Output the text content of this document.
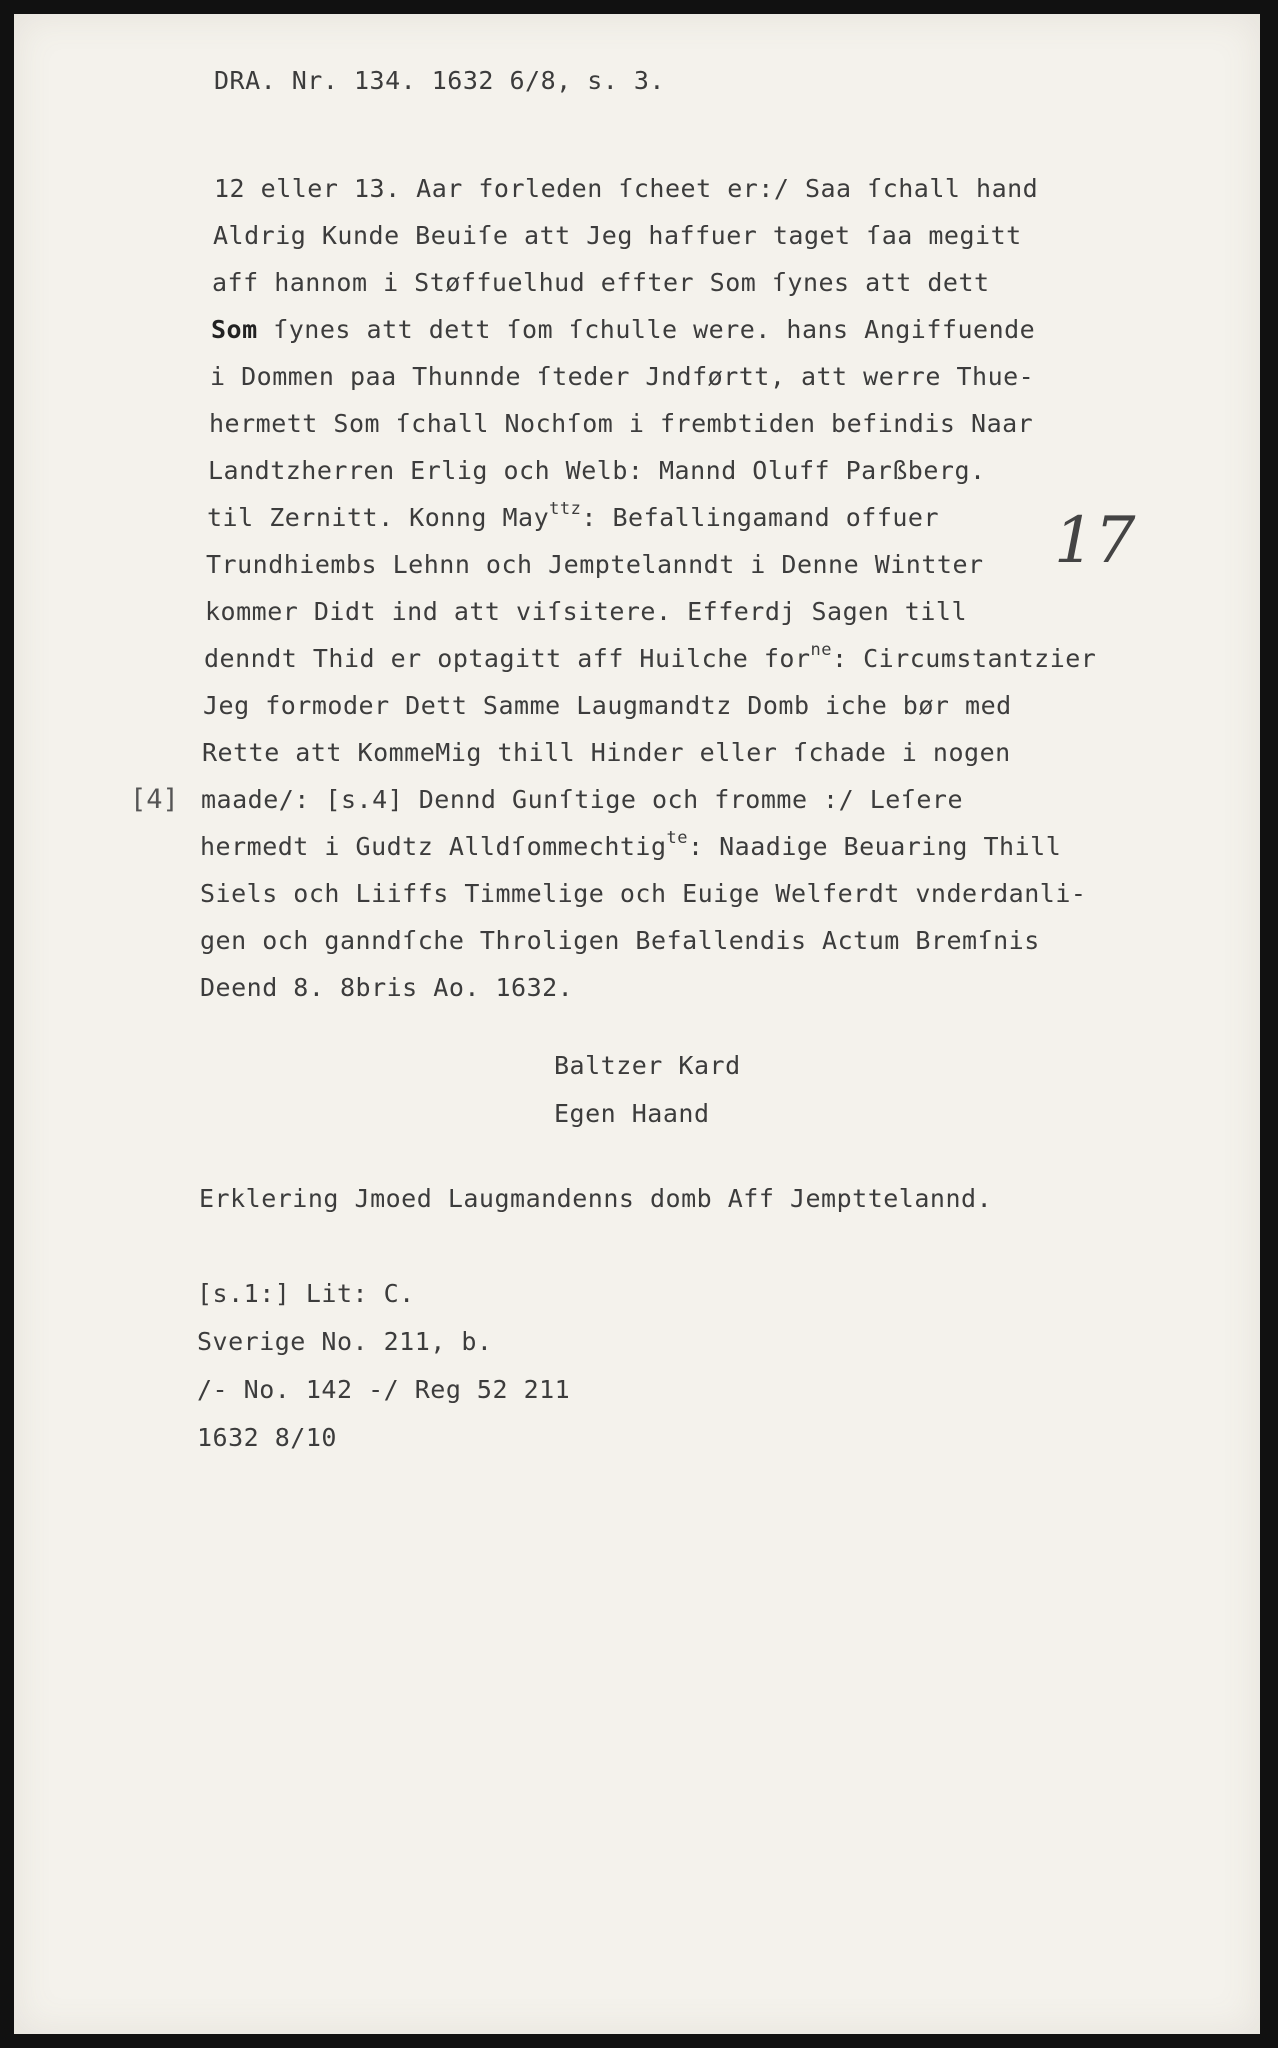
DRA. Nr. 134. 1632 6/8, s. 3.
12 eller 13. Aar forleden ſcheet er:/ Saa ſchall hand
Aldrig Kunde Beuiſe att Jeg haffuer taget ſaa megitt
aff hannom i Støffuelhud effter Som ſynes att dett
Som ſynes att dett ſom ſchulle were. hans Angiffuende
i Dommen paa Thunnde ſteder Jndførtt, att werre Thue-
hermett Som ſchall Nochſom i frembtiden befindis Naar
Landtzherren Erlig och Welb: Mannd Oluff Parßberg.
til Zernitt. Konng May$^{ttz}$: Befallingamand offuer
Trundhiembs Lehnn och Jemptelanndt i Denne Wintter
kommer Didt ind att viſsitere. Efferdj Sagen till
denndt Thid er optagitt aff Huilche for$^{ne}$: Circumstantzier
Jeg formoder Dett Samme Laugmandtz Domb iche bør med
Rette att KommeMig thill Hinder eller ſchade i nogen
maade/: [s.4] Dennd Gunſtige och fromme :/ Leſere
hermedt i Gudtz Alldſommechtig$^{te}$: Naadige Beuaring Thill
Siels och Liiffs Timmelige och Euige Welferdt vnderdanli-
gen och ganndſche Throligen Befallendis Actum Bremſnis
Deend 8. 8bris Ao. 1632.
[4]
17
Baltzer Kard
Egen Haand
Erklering Jmoed Laugmandenns domb Aff Jempttelannd.
[s.1:] Lit: C.
Sverige No. 211, b.
/- No. 142 -/ Reg 52 211
1632 8/10
